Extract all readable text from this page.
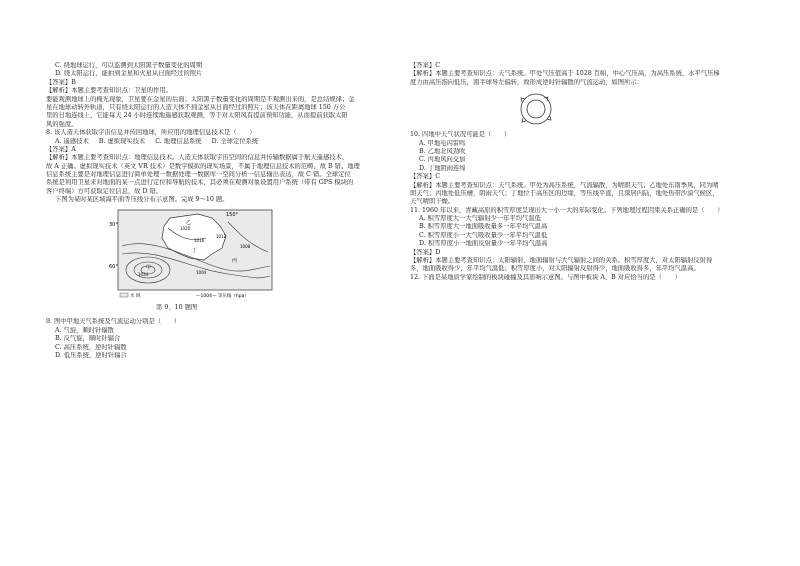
C. 绕地球运行，可以监测到太阳黑子数量变化的周期
D. 绕太阳运行，能拍到金星和火星从日面经过的照片
【答案】B
【解析】本题主要考查知识点：卫星的作用。
要能观测地球上的掩光现象，卫星要在金星的后面；太阳黑子数量变化的周期是不观测出来的，是总结规律；金
星在地球动转外轨道，只有绕太阳运行的人造天体不到金星从日面经过的照片；该天体在距离地球 150 万公
里的日地连线上，它能每天 24 小时连续地遥感获取观测，等于对太阳风有提前预知功能，从而提前获取太阳
风的强度。
8. 该人造天体获取宇宙信息并传回地球，所应用的地理信息技术是（　　）
A. 遥感技术 B. 虚拟现实技术 C. 地理信息系统 D. 全球定位系统
【答案】A
【解析】本题主要考查知识点：地理信息技术。人造天体获取宇宙空间的信息并传输数据属于航天遥感技术，
故 A 正确。虚拟现实技术（英文 VR 技术）是数字模拟的现实场景，不属于地理信息技术的范畴，故 B 错。地理
信息系统主要是对地理信息进行简单处理一数据处理一数据库一空间分析一信息输出表达，故 C 错。全球定位
系统是利用卫星来对地面的某一点进行定位和导航的技术，其必须在观测对象设置用户系统（带有 GPS 模块的
客户终端）方可获取定位信息，故 D 错。
下图为某时某区域海平面等压线分布示意图。完成 9～10 题。
30°
60°
150°
1020
1016
1012
1008
1024	1004
甲
乙
丙
丁
水 域	—1004— 等压线（hpa）
第 9、10 题图
9. 图中甲地天气系统及气流运动分别是（　　）
A. 气旋，顺时针辐散
B. 反气旋，顺时针辐合
C. 高压系统，逆时针辐散
D. 低压系统，逆时针辐合
【答案】C
【解析】本题主要考查知识点：天气系统。甲处气压值高于 1028 百帕，中心气压高，为高压系统，水平气压梯
度力由高压指向低压，南半球导左偏转，故形成逆时针辐散的气流运动，如图所示：
10. 四地中天气状况可能是（　　）
A. 甲地电闪雷鸣
B. 乙地北风劲吹
C. 丙地风向交加
D. 丁地阴雨连绵
【答案】C
【解析】本题主要考查知识点：天气系统。甲处为高压系统，气流辐散，为晴朗天气；乙地处东南季风，同为晴
朗天气；丙地处低压槽，阴雨天气；丁地位于高压区的边缘，等压线平直，且深居内陆，地处热带沙漠气候区，
天气晴朗干燥。
11. 1960 年以来，青藏高原的积雪厚度呈现出大一小一大的年际变化。下列地理过程因果关系正确的是（　　）
A. 积雪厚度大一大气辐射少一年平均气温低
B. 积雪厚度大一地面吸收量多一年平均气温高
C. 积雪厚度小一大气吸收量少一年平均气温低
D. 积雪厚度小一地面反射量少一年平均气温高
【答案】D
【解析】本题主要考查知识点：太阳辐射、地面辐射与大气辐射之间的关系。积雪厚度大，对太阳辐射反射得
多，地面吸收得少，年平均气温低；积雪厚度小，对太阳辐射反射得少，地面吸收得多，年平均气温高。
12. 下面是某地质学家绘制的板块碰撞及其影响示意图。与图中板块 A、B 对应恰当的是（　　）
